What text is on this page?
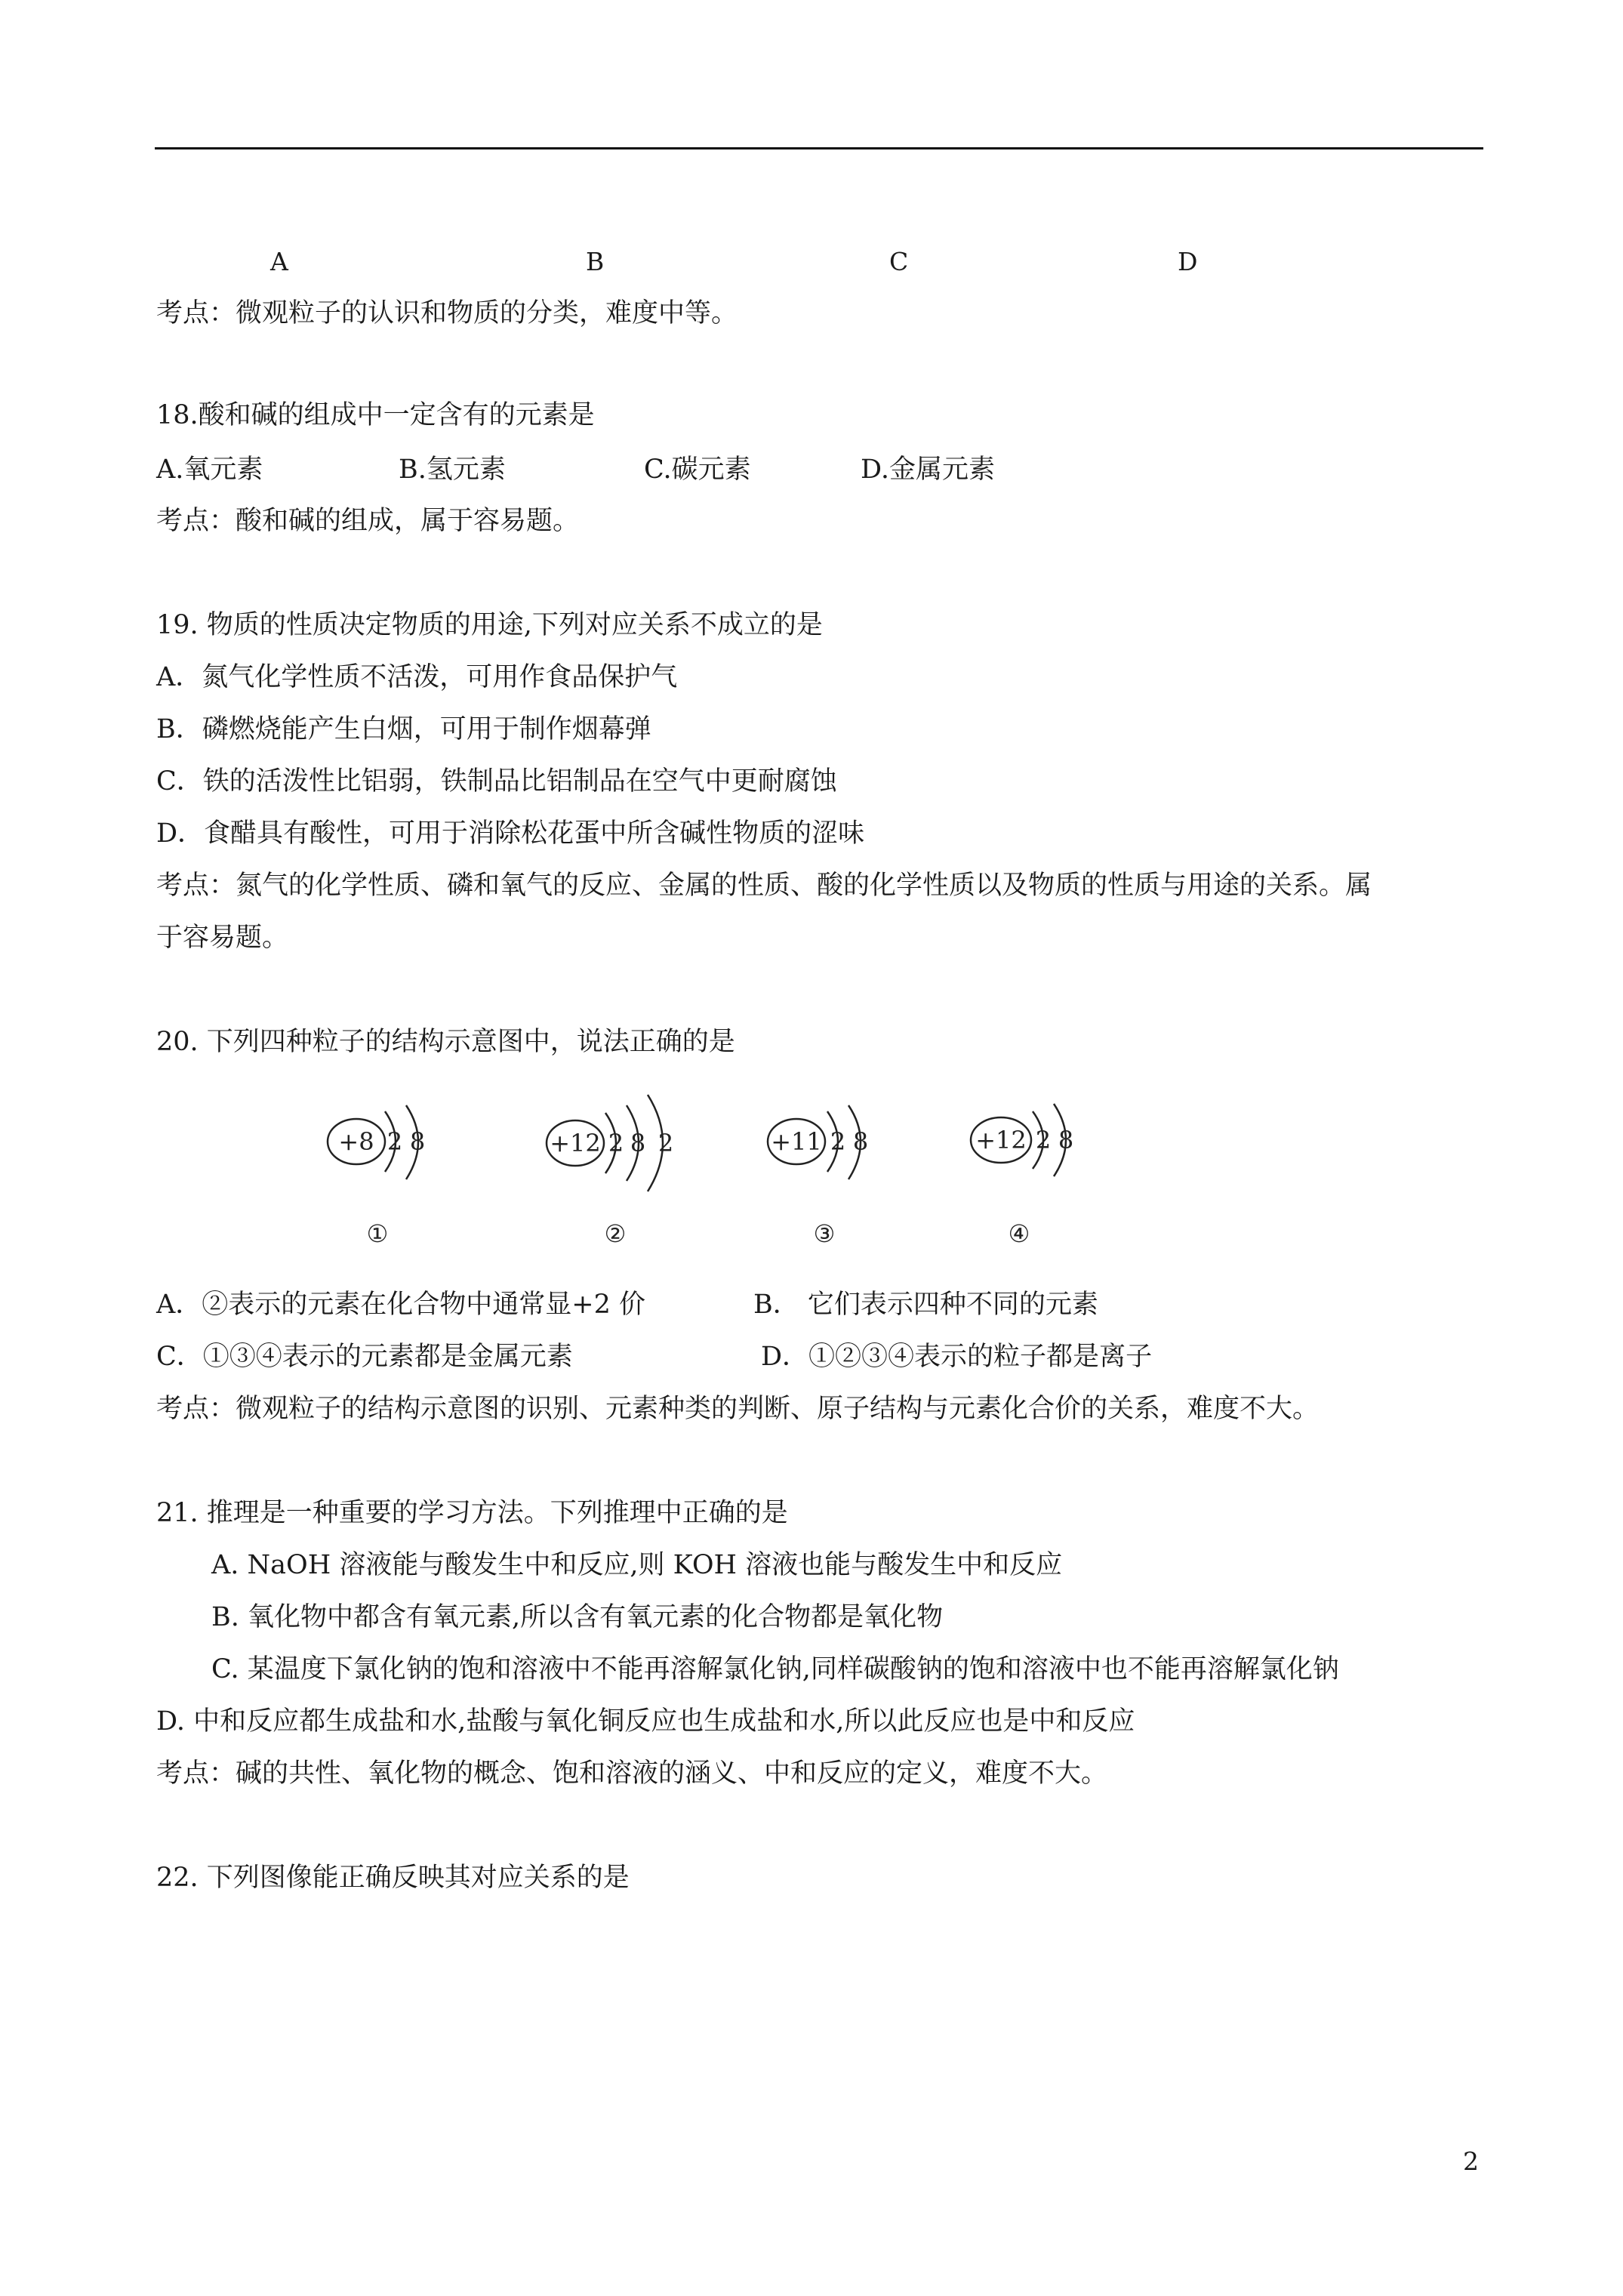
A	B	C	D
考点：微观粒子的认识和物质的分类，难度中等。
18.酸和碱的组成中一定含有的元素是
A.氧元素	B.氢元素	C.碳元素	D.金属元素
考点：酸和碱的组成，属于容易题。
19. 物质的性质决定物质的用途,下列对应关系不成立的是
A．氮气化学性质不活泼，可用作食品保护气
B．磷燃烧能产生白烟，可用于制作烟幕弹
C．铁的活泼性比铝弱，铁制品比铝制品在空气中更耐腐蚀
D．食醋具有酸性，可用于消除松花蛋中所含碱性物质的涩味
考点：氮气的化学性质、磷和氧气的反应、金属的性质、酸的化学性质以及物质的性质与用途的关系。属
于容易题。
20. 下列四种粒子的结构示意图中，说法正确的是
+8 2 8
①
+12 2 8 2
②
+11 2 8
③
+12 2 8
④
A．②表示的元素在化合物中通常显+2 价	B． 它们表示四种不同的元素
C．①③④表示的元素都是金属元素	D．①②③④表示的粒子都是离子
考点：微观粒子的结构示意图的识别、元素种类的判断、原子结构与元素化合价的关系，难度不大。
21. 推理是一种重要的学习方法。下列推理中正确的是
A. NaOH 溶液能与酸发生中和反应,则 KOH 溶液也能与酸发生中和反应
B. 氧化物中都含有氧元素,所以含有氧元素的化合物都是氧化物
C. 某温度下氯化钠的饱和溶液中不能再溶解氯化钠,同样碳酸钠的饱和溶液中也不能再溶解氯化钠
D. 中和反应都生成盐和水,盐酸与氧化铜反应也生成盐和水,所以此反应也是中和反应
考点：碱的共性、氧化物的概念、饱和溶液的涵义、中和反应的定义，难度不大。
22. 下列图像能正确反映其对应关系的是
2
